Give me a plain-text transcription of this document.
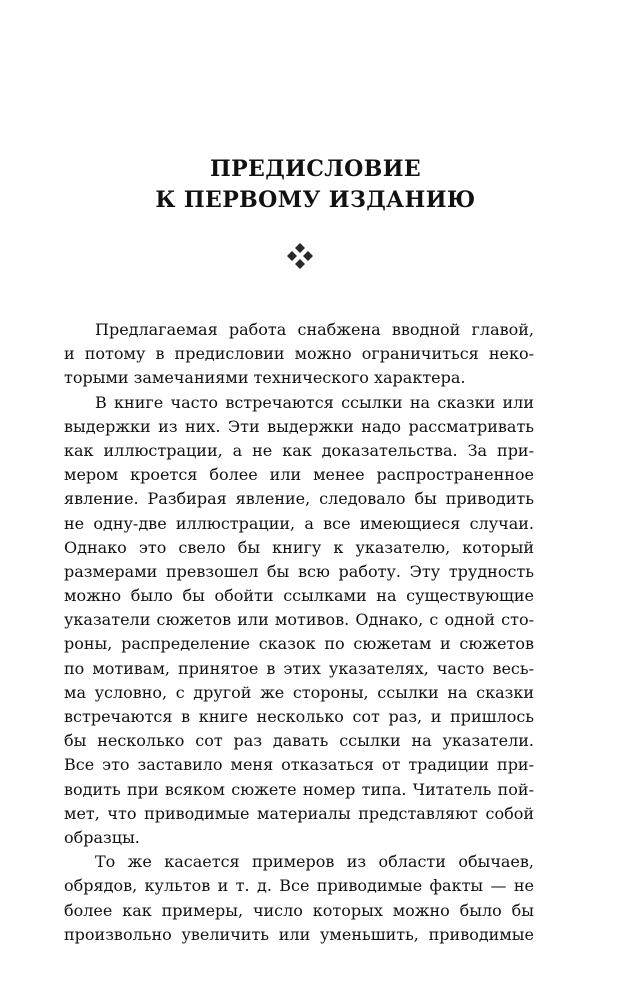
ПРЕДИСЛОВИЕ
К ПЕРВОМУ ИЗДАНИЮ
Предлагаемая работа снабжена вводной главой,
и потому в предисловии можно ограничиться неко-
торыми замечаниями технического характера.
В книге часто встречаются ссылки на сказки или
выдержки из них. Эти выдержки надо рассматривать
как иллюстрации, а не как доказательства. За при-
мером кроется более или менее распространенное
явление. Разбирая явление, следовало бы приводить
не одну-две иллюстрации, а все имеющиеся случаи.
Однако это свело бы книгу к указателю, который
размерами превзошел бы всю работу. Эту трудность
можно было бы обойти ссылками на существующие
указатели сюжетов или мотивов. Однако, с одной сто-
роны, распределение сказок по сюжетам и сюжетов
по мотивам, принятое в этих указателях, часто весь-
ма условно, с другой же стороны, ссылки на сказки
встречаются в книге несколько сот раз, и пришлось
бы несколько сот раз давать ссылки на указатели.
Все это заставило меня отказаться от традиции при-
водить при всяком сюжете номер типа. Читатель пой-
мет, что приводимые материалы представляют собой
образцы.
То же касается примеров из области обычаев,
обрядов, культов и т. д. Все приводимые факты — не
более как примеры, число которых можно было бы
произвольно увеличить или уменьшить, приводимые
